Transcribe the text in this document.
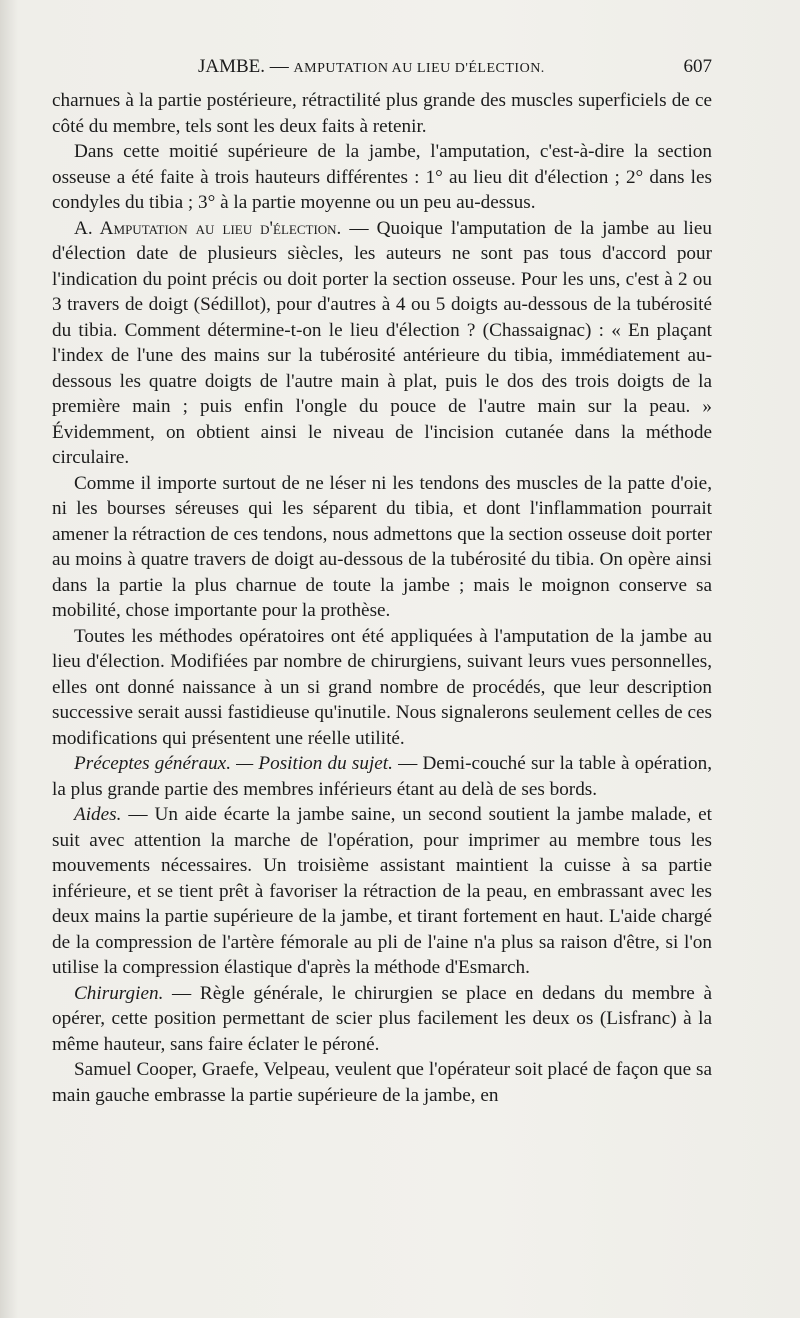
JAMBE. — AMPUTATION AU LIEU D'ÉLECTION.	607

charnues à la partie postérieure, rétractilité plus grande des muscles superficiels de ce côté du membre, tels sont les deux faits à retenir.

Dans cette moitié supérieure de la jambe, l'amputation, c'est-à-dire la section osseuse a été faite à trois hauteurs différentes : 1° au lieu dit d'élection ; 2° dans les condyles du tibia ; 3° à la partie moyenne ou un peu au-dessus.

A. Amputation au lieu d'élection. — Quoique l'amputation de la jambe au lieu d'élection date de plusieurs siècles, les auteurs ne sont pas tous d'accord pour l'indication du point précis ou doit porter la section osseuse. Pour les uns, c'est à 2 ou 3 travers de doigt (Sédillot), pour d'autres à 4 ou 5 doigts au-dessous de la tubérosité du tibia. Comment détermine-t-on le lieu d'élection ? (Chassaignac) : « En plaçant l'index de l'une des mains sur la tubérosité antérieure du tibia, immédiatement au-dessous les quatre doigts de l'autre main à plat, puis le dos des trois doigts de la première main ; puis enfin l'ongle du pouce de l'autre main sur la peau. » Évidemment, on obtient ainsi le niveau de l'incision cutanée dans la méthode circulaire.

Comme il importe surtout de ne léser ni les tendons des muscles de la patte d'oie, ni les bourses séreuses qui les séparent du tibia, et dont l'inflammation pourrait amener la rétraction de ces tendons, nous admettons que la section osseuse doit porter au moins à quatre travers de doigt au-dessous de la tubérosité du tibia. On opère ainsi dans la partie la plus charnue de toute la jambe ; mais le moignon conserve sa mobilité, chose importante pour la prothèse.

Toutes les méthodes opératoires ont été appliquées à l'amputation de la jambe au lieu d'élection. Modifiées par nombre de chirurgiens, suivant leurs vues personnelles, elles ont donné naissance à un si grand nombre de procédés, que leur description successive serait aussi fastidieuse qu'inutile. Nous signalerons seulement celles de ces modifications qui présentent une réelle utilité.

Préceptes généraux. — Position du sujet. — Demi-couché sur la table à opération, la plus grande partie des membres inférieurs étant au delà de ses bords.

Aides. — Un aide écarte la jambe saine, un second soutient la jambe malade, et suit avec attention la marche de l'opération, pour imprimer au membre tous les mouvements nécessaires. Un troisième assistant maintient la cuisse à sa partie inférieure, et se tient prêt à favoriser la rétraction de la peau, en embrassant avec les deux mains la partie supérieure de la jambe, et tirant fortement en haut. L'aide chargé de la compression de l'artère fémorale au pli de l'aine n'a plus sa raison d'être, si l'on utilise la compression élastique d'après la méthode d'Esmarch.

Chirurgien. — Règle générale, le chirurgien se place en dedans du membre à opérer, cette position permettant de scier plus facilement les deux os (Lisfranc) à la même hauteur, sans faire éclater le péroné.

Samuel Cooper, Graefe, Velpeau, veulent que l'opérateur soit placé de façon que sa main gauche embrasse la partie supérieure de la jambe, en
